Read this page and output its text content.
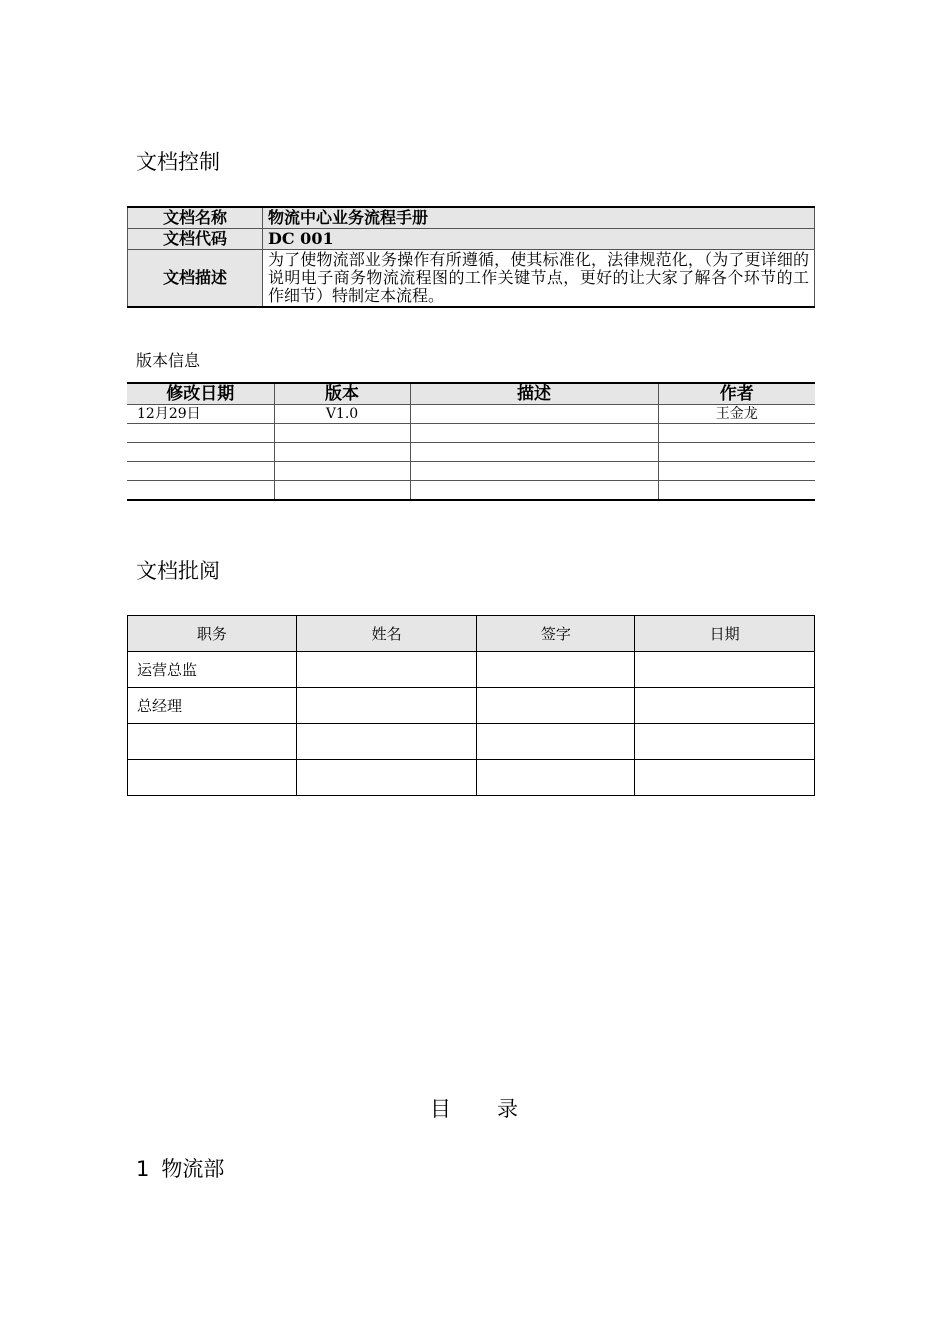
文档控制
文档名称	物流中心业务流程手册
文档代码	DC 001
文档描述	为了使物流部业务操作有所遵循，使其标准化，法律规范化，（为了更详细的说明电子商务物流流程图的工作关键节点，更好的让大家了解各个环节的工作细节）特制定本流程。
版本信息
修改日期	版本	描述	作者
12月29日	V1.0		王金龙

文档批阅
职务	姓名	签字	日期
运营总监			
总经理			

目录
1 物流部
